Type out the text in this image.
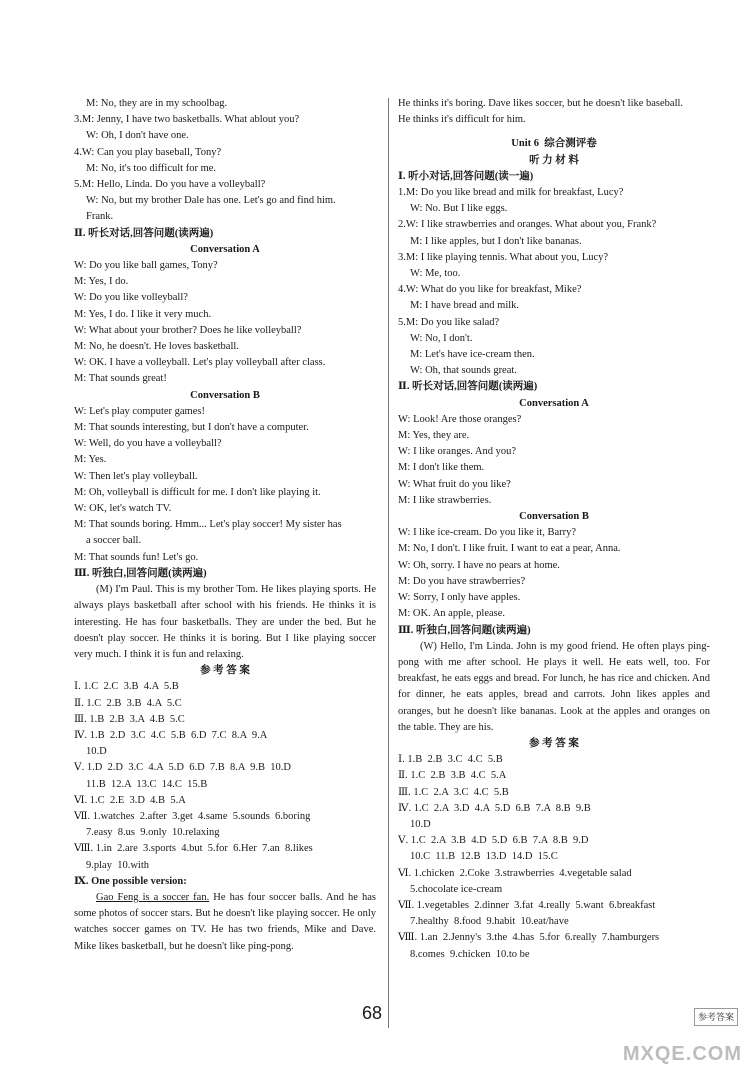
M: No, they are in my schoolbag.
3.M: Jenny, I have two basketballs. What ablout you?
W: Oh, I don't have one.
4.W: Can you play baseball, Tony?
M: No, it's too difficult for me.
5.M: Hello, Linda. Do you have a volleyball?
W: No, but my brother Dale has one. Let's go and find him.
Frank.
Ⅱ. 听长对话,回答问题(读两遍)
Conversation A
W: Do you like ball games, Tony?
M: Yes, I do.
W: Do you like volleyball?
M: Yes, I do. I like it very much.
W: What about your brother? Does he like volleyball?
M: No, he doesn't. He loves basketball.
W: OK. I have a volleyball. Let's play volleyball after class.
M: That sounds great!
Conversation B
W: Let's play computer games!
M: That sounds interesting, but I don't have a computer.
W: Well, do you have a volleyball?
M: Yes.
W: Then let's play volleyball.
M: Oh, volleyball is difficult for me. I don't like playing it.
W: OK, let's watch TV.
M: That sounds boring. Hmm... Let's play soccer! My sister has
a soccer ball.
M: That sounds fun! Let's go.
Ⅲ. 听独白,回答问题(读两遍)
(M) I'm Paul. This is my brother Tom. He likes playing sports. He always plays basketball after school with his friends. He thinks it is interesting. He has four basketballs. They are under the bed. But he doesn't play soccer. He thinks it is boring. But I like playing soccer very much. I think it is fun and relaxing.
参 考 答 案
Ⅰ. 1.C  2.C  3.B  4.A  5.B
Ⅱ. 1.C  2.B  3.B  4.A  5.C
Ⅲ. 1.B  2.B  3.A  4.B  5.C
Ⅳ. 1.B  2.D  3.C  4.C  5.B  6.D  7.C  8.A  9.A
10.D
Ⅴ. 1.D  2.D  3.C  4.A  5.D  6.D  7.B  8.A  9.B  10.D
11.B  12.A  13.C  14.C  15.B
Ⅵ. 1.C  2.E  3.D  4.B  5.A
Ⅶ. 1.watches  2.after  3.get  4.same  5.sounds  6.boring
7.easy  8.us  9.only  10.relaxing
Ⅷ. 1.in  2.are  3.sports  4.but  5.for  6.Her  7.an  8.likes
9.play  10.with
Ⅸ. One possible version:
Gao Feng is a soccer fan. He has four soccer balls. And he has some photos of soccer stars. But he doesn't like playing soccer. He only watches soccer games on TV. He has two friends, Mike and Dave. Mike likes basketball, but he doesn't like ping-pong.
He thinks it's boring. Dave likes soccer, but he doesn't like baseball.
He thinks it's difficult for him.
Unit 6  综合测评卷
听 力 材 料
Ⅰ. 听小对话,回答问题(读一遍)
1.M: Do you like bread and milk for breakfast, Lucy?
W: No. But I like eggs.
2.W: I like strawberries and oranges. What about you, Frank?
M: I like apples, but I don't like bananas.
3.M: I like playing tennis. What about you, Lucy?
W: Me, too.
4.W: What do you like for breakfast, Mike?
M: I have bread and milk.
5.M: Do you like salad?
W: No, I don't.
M: Let's have ice-cream then.
W: Oh, that sounds great.
Ⅱ. 听长对话,回答问题(读两遍)
Conversation A
W: Look! Are those oranges?
M: Yes, they are.
W: I like oranges. And you?
M: I don't like them.
W: What fruit do you like?
M: I like strawberries.
Conversation B
W: I like ice-cream. Do you like it, Barry?
M: No, I don't. I like fruit. I want to eat a pear, Anna.
W: Oh, sorry. I have no pears at home.
M: Do you have strawberries?
W: Sorry, I only have apples.
M: OK. An apple, please.
Ⅲ. 听独白,回答问题(读两遍)
(W) Hello, I'm Linda. John is my good friend. He often plays ping-pong with me after school. He plays it well. He eats well, too. For breakfast, he eats eggs and bread. For lunch, he has rice and chicken. And for dinner, he eats apples, bread and carrots. John likes apples and oranges, but he doesn't like bananas. Look at the apples and oranges on the table. They are his.
参 考 答 案
Ⅰ. 1.B  2.B  3.C  4.C  5.B
Ⅱ. 1.C  2.B  3.B  4.C  5.A
Ⅲ. 1.C  2.A  3.C  4.C  5.B
Ⅳ. 1.C  2.A  3.D  4.A  5.D  6.B  7.A  8.B  9.B
10.D
Ⅴ. 1.C  2.A  3.B  4.D  5.D  6.B  7.A  8.B  9.D
10.C  11.B  12.B  13.D  14.D  15.C
Ⅵ. 1.chicken  2.Coke  3.strawberries  4.vegetable salad
5.chocolate ice-cream
Ⅶ. 1.vegetables  2.dinner  3.fat  4.really  5.want  6.breakfast
7.healthy  8.food  9.habit  10.eat/have
Ⅷ. 1.an  2.Jenny's  3.the  4.has  5.for  6.really  7.hamburgers
8.comes  9.chicken  10.to be
68	参考答案
MXQE.COM
